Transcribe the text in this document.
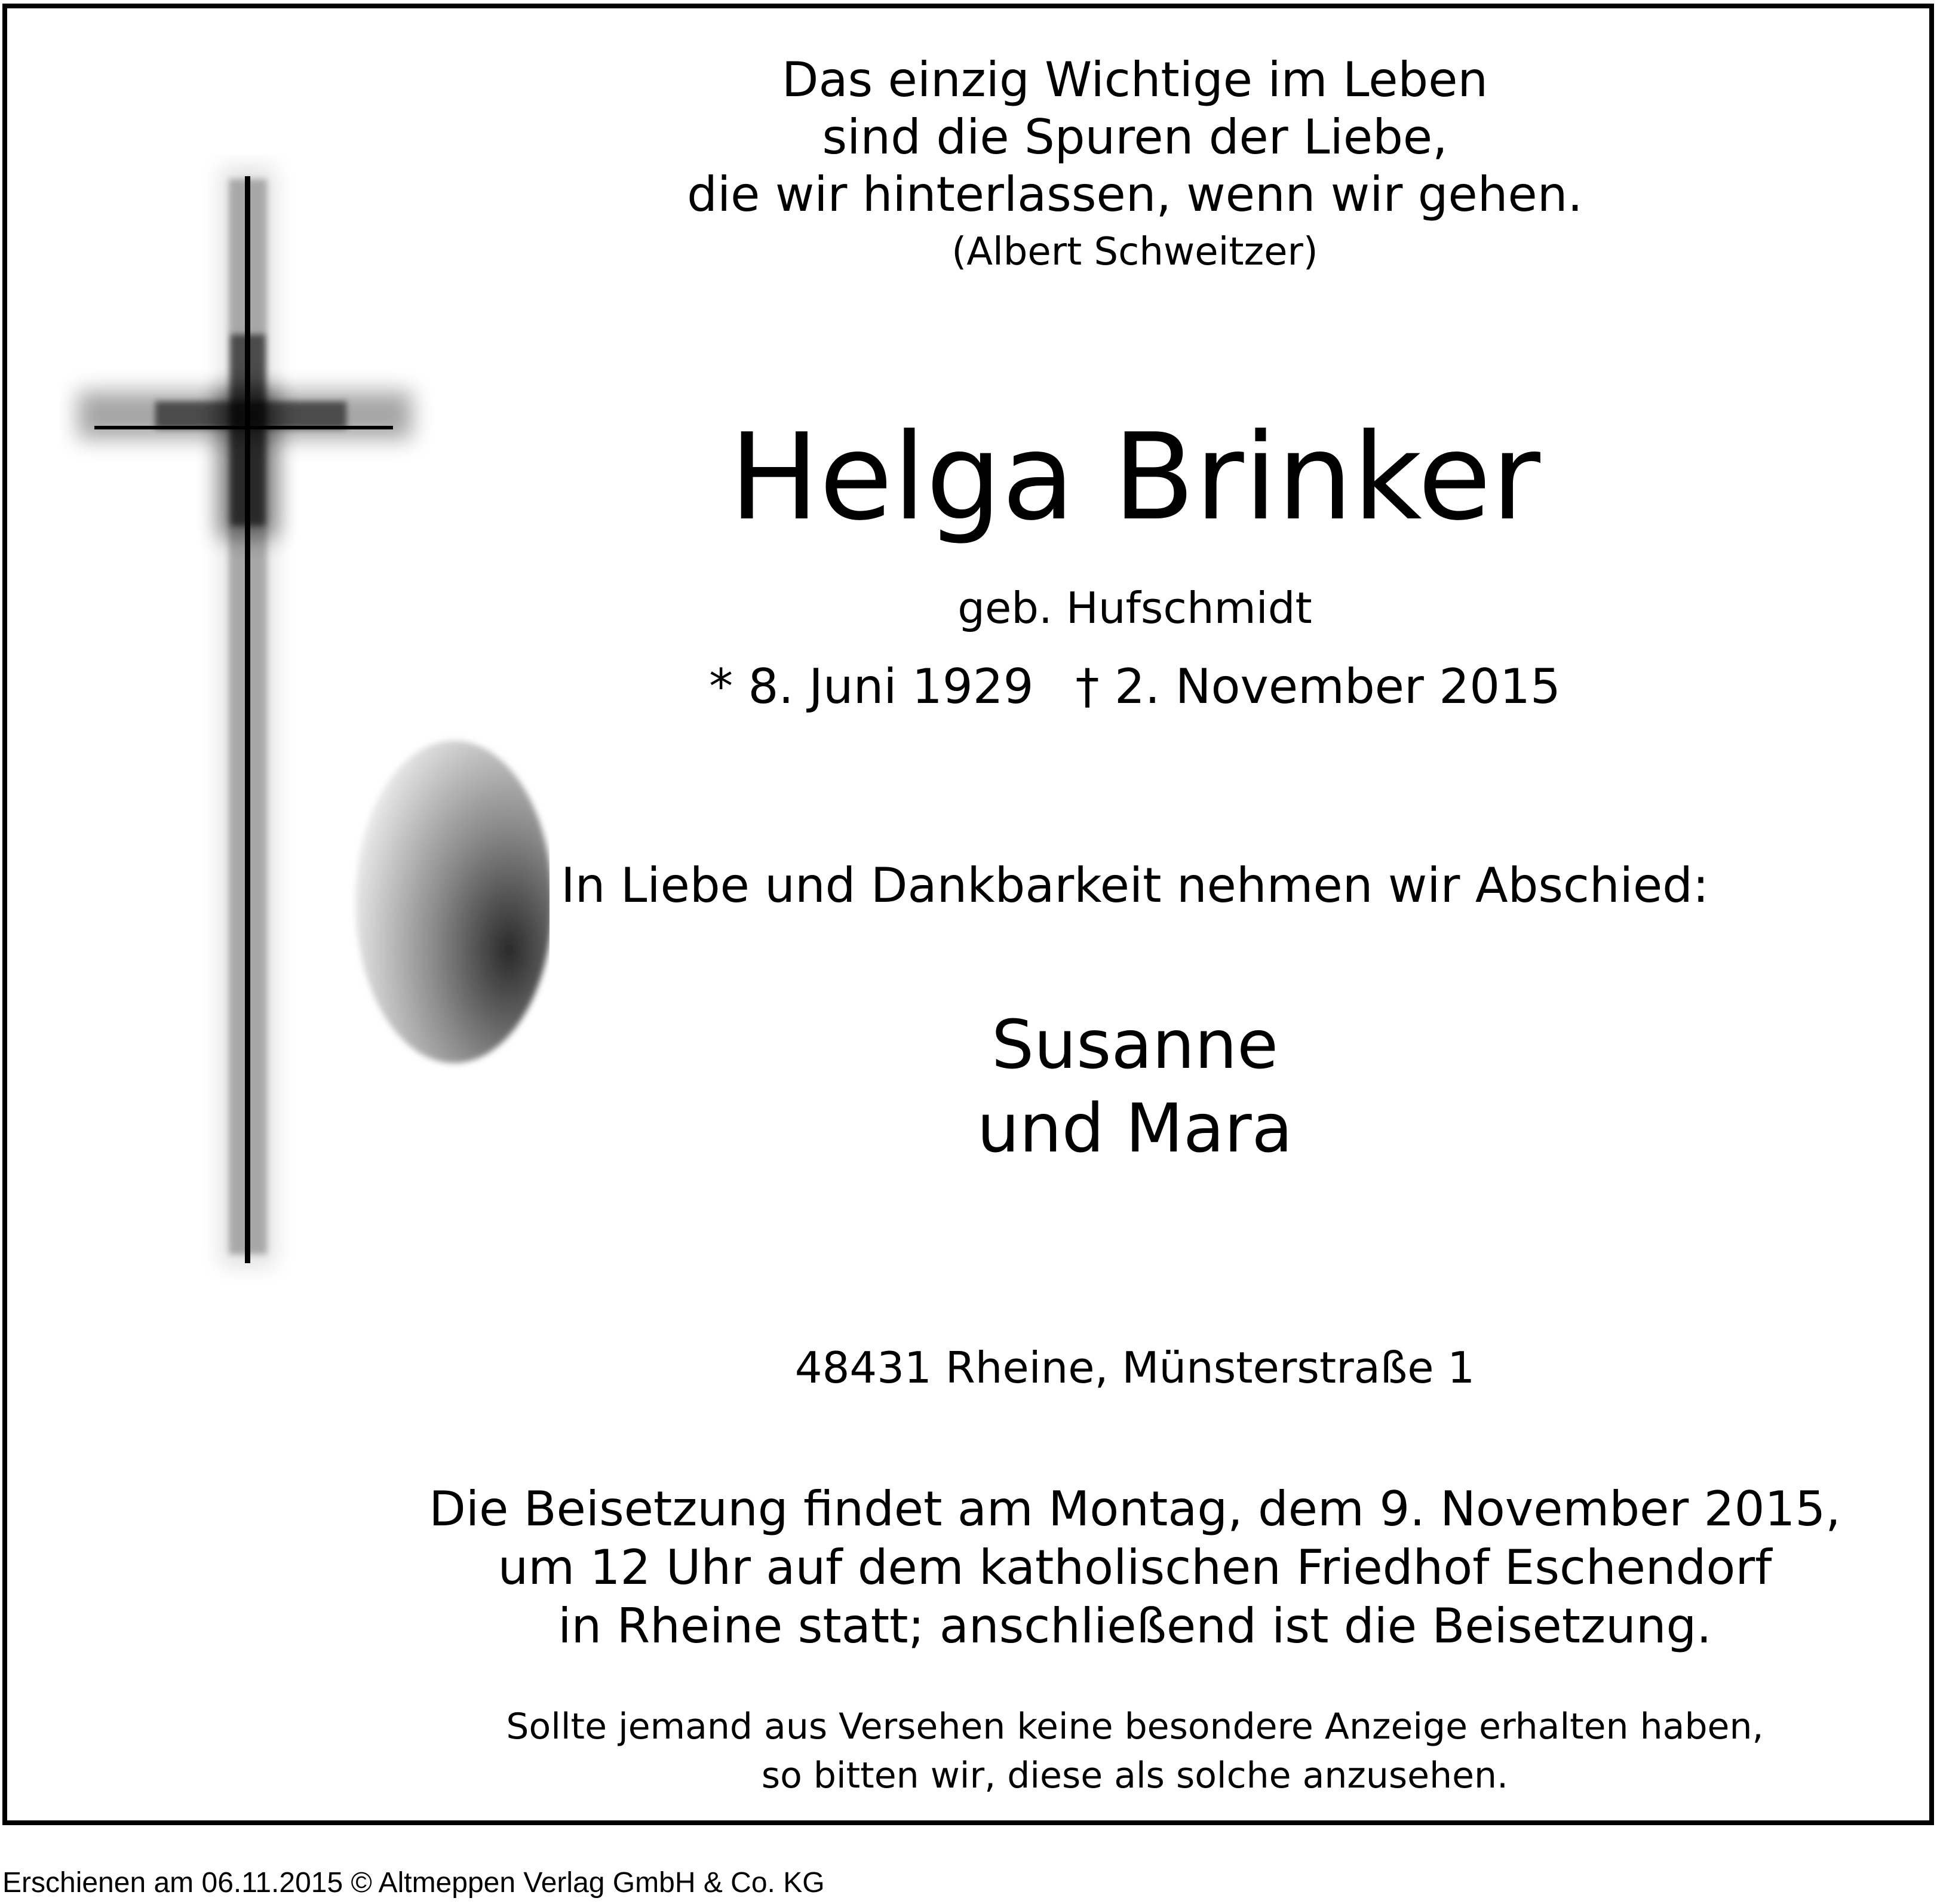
Das einzig Wichtige im Leben
sind die Spuren der Liebe,
die wir hinterlassen, wenn wir gehen.
(Albert Schweitzer)
Helga Brinker
geb. Hufschmidt
* 8. Juni 1929 † 2. November 2015
In Liebe und Dankbarkeit nehmen wir Abschied:
Susanne
und Mara
48431 Rheine, Münsterstraße 1
Die Beisetzung findet am Montag, dem 9. November 2015,
um 12 Uhr auf dem katholischen Friedhof Eschendorf
in Rheine statt; anschließend ist die Beisetzung.
Sollte jemand aus Versehen keine besondere Anzeige erhalten haben,
so bitten wir, diese als solche anzusehen.
Erschienen am 06.11.2015 © Altmeppen Verlag GmbH & Co. KG
